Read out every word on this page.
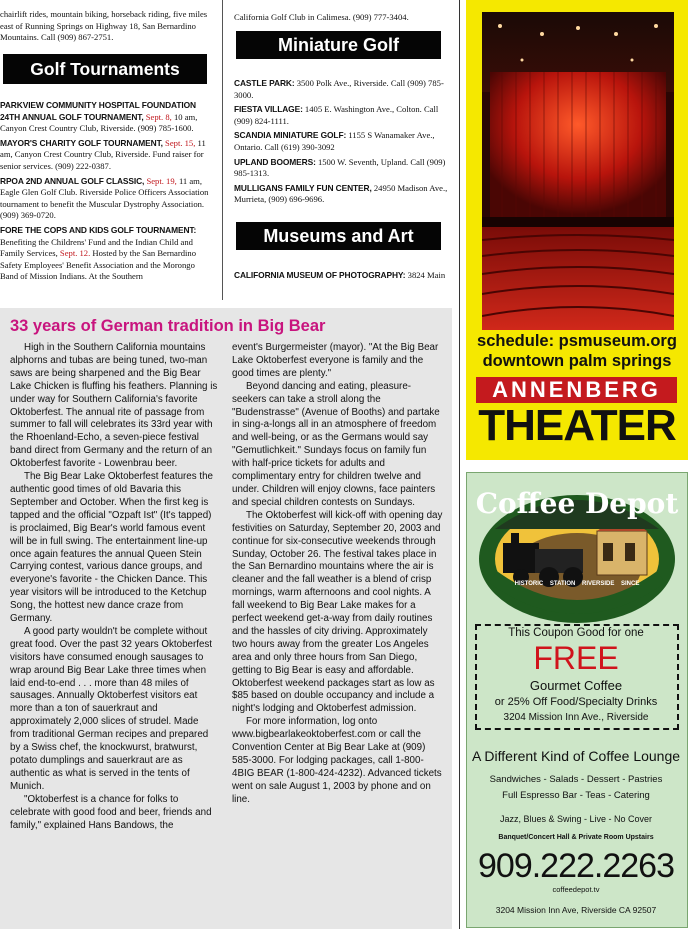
chairlift rides, mountain biking, horseback riding, five miles east of Running Springs on Highway 18, San Bernardino Mountains. Call (909) 867-2751.

Golf Tournaments

PARKVIEW COMMUNITY HOSPITAL FOUNDATION 24TH ANNUAL GOLF TOURNAMENT, Sept. 8, 10 am, Canyon Crest Country Club, Riverside. (909) 785-1600.

MAYOR'S CHARITY GOLF TOURNAMENT, Sept. 15, 11 am, Canyon Crest Country Club, Riverside. Fund raiser for senior services. (909) 222-0387.

RPOA 2ND ANNUAL GOLF CLASSIC, Sept. 19, 11 am, Eagle Glen Golf Club. Riverside Police Officers Association tournament to benefit the Muscular Dystrophy Association. (909) 369-0720.

FORE THE COPS AND KIDS GOLF TOURNAMENT: Benefiting the Childrens' Fund and the Indian Child and Family Services, Sept. 12. Hosted by the San Bernardino Safety Employees' Benefit Association and the Morongo Band of Mission Indians. At the Southern

California Golf Club in Calimesa. (909) 777-3404.

Miniature Golf

CASTLE PARK: 3500 Polk Ave., Riverside. Call (909) 785-3000.

FIESTA VILLAGE: 1405 E. Washington Ave., Colton. Call (909) 824-1111.

SCANDIA MINIATURE GOLF: 1155 S Wanamaker Ave., Ontario. Call (619) 390-3092

UPLAND BOOMERS: 1500 W. Seventh, Upland. Call (909) 985-1313.

MULLIGANS FAMILY FUN CENTER, 24950 Madison Ave., Murrieta, (909) 696-9696.

Museums and Art
CALIFORNIA MUSEUM OF PHOTOGRAPHY: 3824 Main
33 years of German tradition in Big Bear

High in the Southern California mountains alphorns and tubas are being tuned, two-man saws are being sharpened and the Big Bear Lake Chicken is fluffing his feathers. Planning is under way for Southern California's favorite Oktoberfest. The annual rite of passage from summer to fall will celebrates its 33rd year with the Rhoenland-Echo, a seven-piece festival band direct from Germany and the return of an Oktoberfest favorite - Lowenbrau beer.

The Big Bear Lake Oktoberfest features the authentic good times of old Bavaria this September and October. When the first keg is tapped and the official "Ozpaft Ist" (It's tapped) is proclaimed, Big Bear's world famous event will be in full swing. The entertainment line-up once again features the annual Queen Stein Carrying contest, various dance groups, and everyone's favorite - the Chicken Dance. This year visitors will be introduced to the Ketchup Song, the hottest new dance craze from Germany.

A good party wouldn't be complete without great food. Over the past 32 years Oktoberfest visitors have consumed enough sausages to wrap around Big Bear Lake three times when laid end-to-end . . . more than 48 miles of sausages. Annually Oktoberfest visitors eat more than a ton of sauerkraut and approximately 2,000 slices of strudel. Made from traditional German recipes and prepared by a Swiss chef, the knockwurst, bratwurst, potato dumplings and sauerkraut are as authentic as what is served in the tents of Munich.

"Oktoberfest is a chance for folks to celebrate with good food and beer, friends and family," explained Hans Bandows, the

event's Burgermeister (mayor). "At the Big Bear Lake Oktoberfest everyone is family and the good times are plenty."

Beyond dancing and eating, pleasure-seekers can take a stroll along the "Budenstrasse" (Avenue of Booths) and partake in sing-a-longs all in an atmosphere of freedom and well-being, or as the Germans would say "Gemutlichkeit." Sundays focus on family fun with half-price tickets for adults and complimentary entry for children twelve and under. Children will enjoy clowns, face painters and special children contests on Sundays.

The Oktoberfest will kick-off with opening day festivities on Saturday, September 20, 2003 and continue for six-consecutive weekends through Sunday, October 26. The festival takes place in the San Bernardino mountains where the air is cleaner and the fall weather is a blend of crisp mornings, warm afternoons and cool nights. A fall weekend to Big Bear Lake makes for a perfect weekend get-a-way from daily routines and the hassles of city driving. Approximately two hours away from the greater Los Angeles area and only three hours from San Diego, getting to Big Bear is easy and affordable. Oktoberfest weekend packages start as low as $85 based on double occupancy and include a night's lodging and Oktoberfest admission.

For more information, log onto www.bigbearlakeoktoberfest.com or call the Convention Center at Big Bear Lake at (909) 585-3000. For lodging packages, call 1-800-4BIG BEAR (1-800-424-4232). Advanced tickets went on sale August 1, 2003 by phone and on line.

schedule: psmuseum.org
downtown palm springs
ANNENBERG
THEATER
Coffee Depot
HISTORIC STATION RIVERSIDE SINCE
This Coupon Good for one
FREE
Gourmet Coffee
or 25% Off Food/Specialty Drinks
3204 Mission Inn Ave., Riverside
A Different Kind of Coffee Lounge
Sandwiches - Salads - Dessert - Pastries
Full Espresso Bar - Teas - Catering
Jazz, Blues & Swing - Live - No Cover
Banquet/Concert Hall & Private Room Upstairs
909.222.2263
coffeedepot.tv
3204 Mission Inn Ave, Riverside CA 92507
